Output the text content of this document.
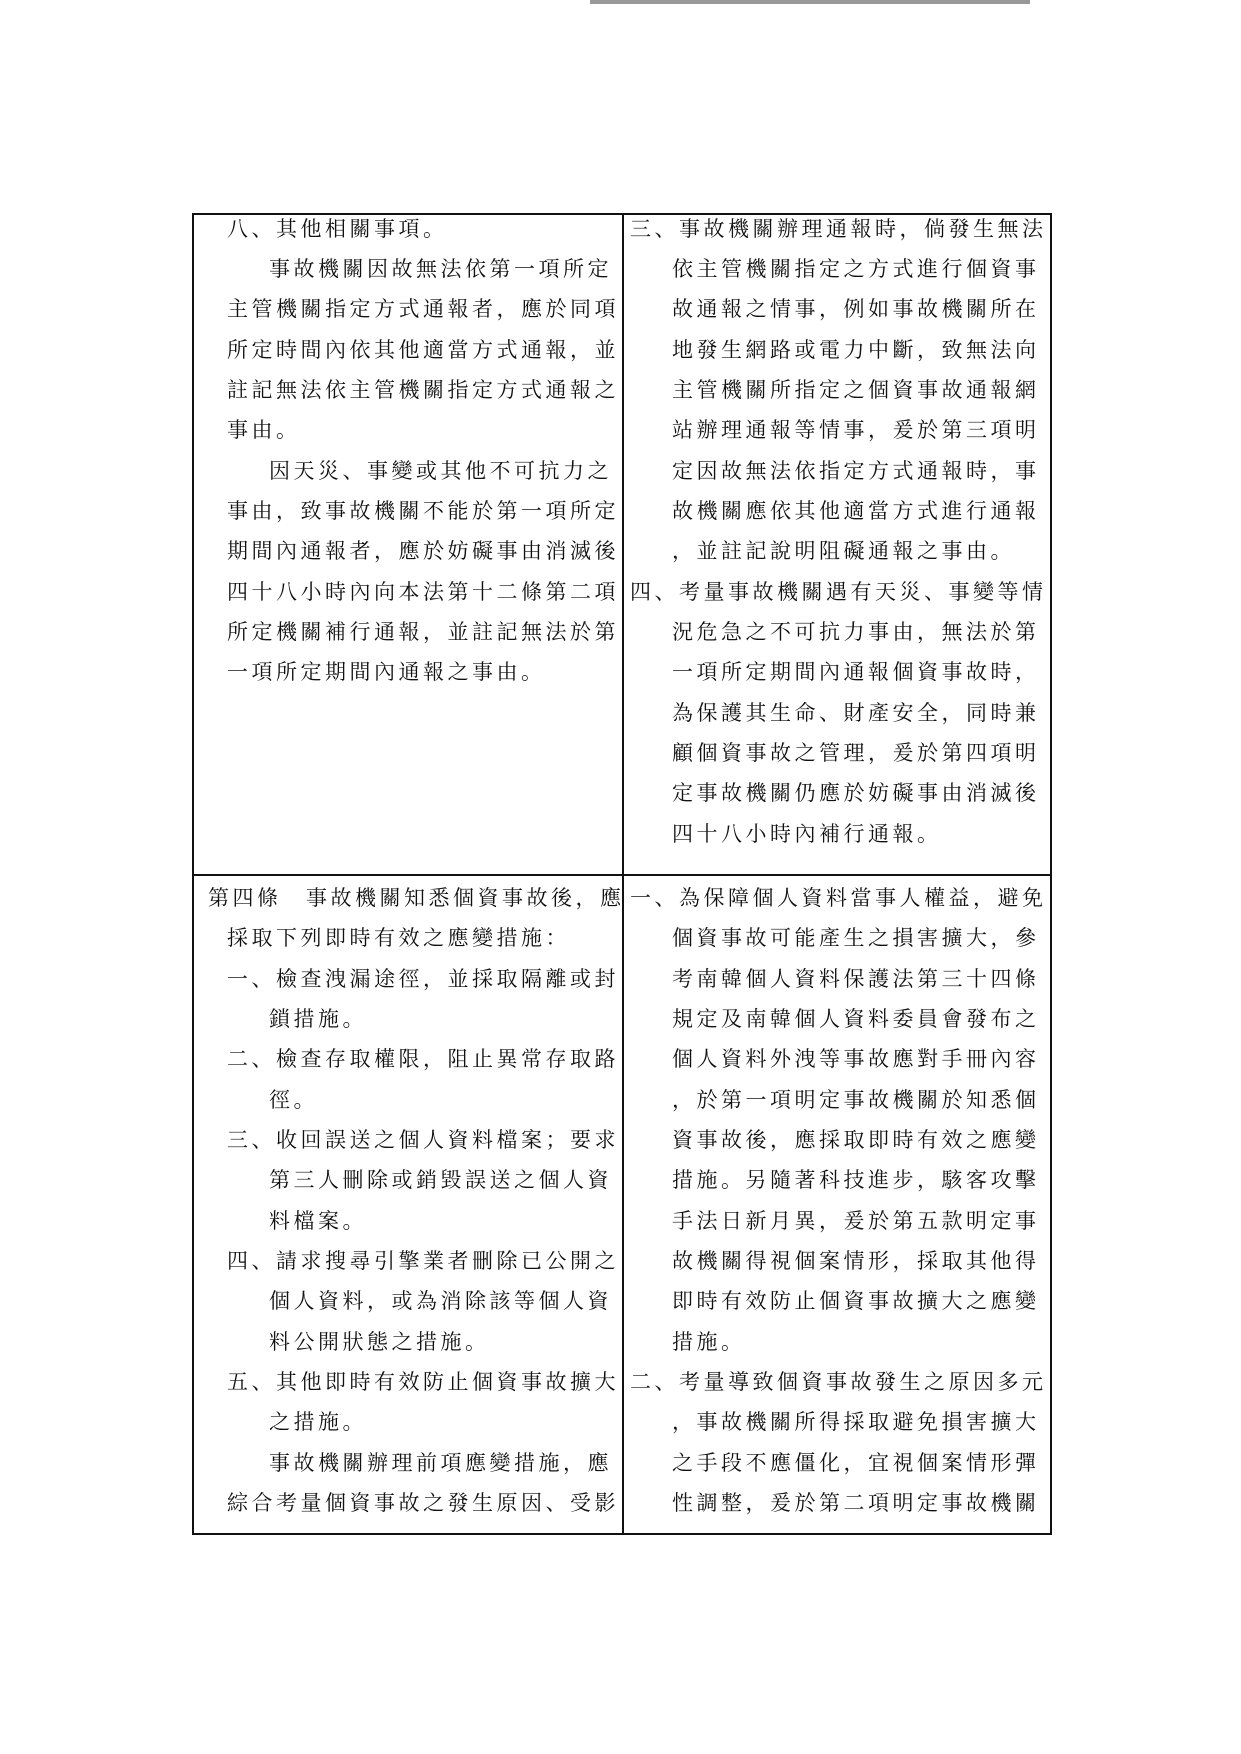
八、其他相關事項。
事故機關因故無法依第一項所定
主管機關指定方式通報者，應於同項
所定時間內依其他適當方式通報，並
註記無法依主管機關指定方式通報之
事由。
因天災、事變或其他不可抗力之
事由，致事故機關不能於第一項所定
期間內通報者，應於妨礙事由消滅後
四十八小時內向本法第十二條第二項
所定機關補行通報，並註記無法於第
一項所定期間內通報之事由。
三、事故機關辦理通報時，倘發生無法
依主管機關指定之方式進行個資事
故通報之情事，例如事故機關所在
地發生網路或電力中斷，致無法向
主管機關所指定之個資事故通報網
站辦理通報等情事，爰於第三項明
定因故無法依指定方式通報時，事
故機關應依其他適當方式進行通報
，並註記說明阻礙通報之事由。
四、考量事故機關遇有天災、事變等情
況危急之不可抗力事由，無法於第
一項所定期間內通報個資事故時，
為保護其生命、財產安全，同時兼
顧個資事故之管理，爰於第四項明
定事故機關仍應於妨礙事由消滅後
四十八小時內補行通報。
第四條　事故機關知悉個資事故後，應
採取下列即時有效之應變措施：
一、檢查洩漏途徑，並採取隔離或封
鎖措施。
二、檢查存取權限，阻止異常存取路
徑。
三、收回誤送之個人資料檔案；要求
第三人刪除或銷毀誤送之個人資
料檔案。
四、請求搜尋引擎業者刪除已公開之
個人資料，或為消除該等個人資
料公開狀態之措施。
五、其他即時有效防止個資事故擴大
之措施。
事故機關辦理前項應變措施，應
綜合考量個資事故之發生原因、受影
一、為保障個人資料當事人權益，避免
個資事故可能產生之損害擴大，參
考南韓個人資料保護法第三十四條
規定及南韓個人資料委員會發布之
個人資料外洩等事故應對手冊內容
，於第一項明定事故機關於知悉個
資事故後，應採取即時有效之應變
措施。另隨著科技進步，駭客攻擊
手法日新月異，爰於第五款明定事
故機關得視個案情形，採取其他得
即時有效防止個資事故擴大之應變
措施。
二、考量導致個資事故發生之原因多元
，事故機關所得採取避免損害擴大
之手段不應僵化，宜視個案情形彈
性調整，爰於第二項明定事故機關
